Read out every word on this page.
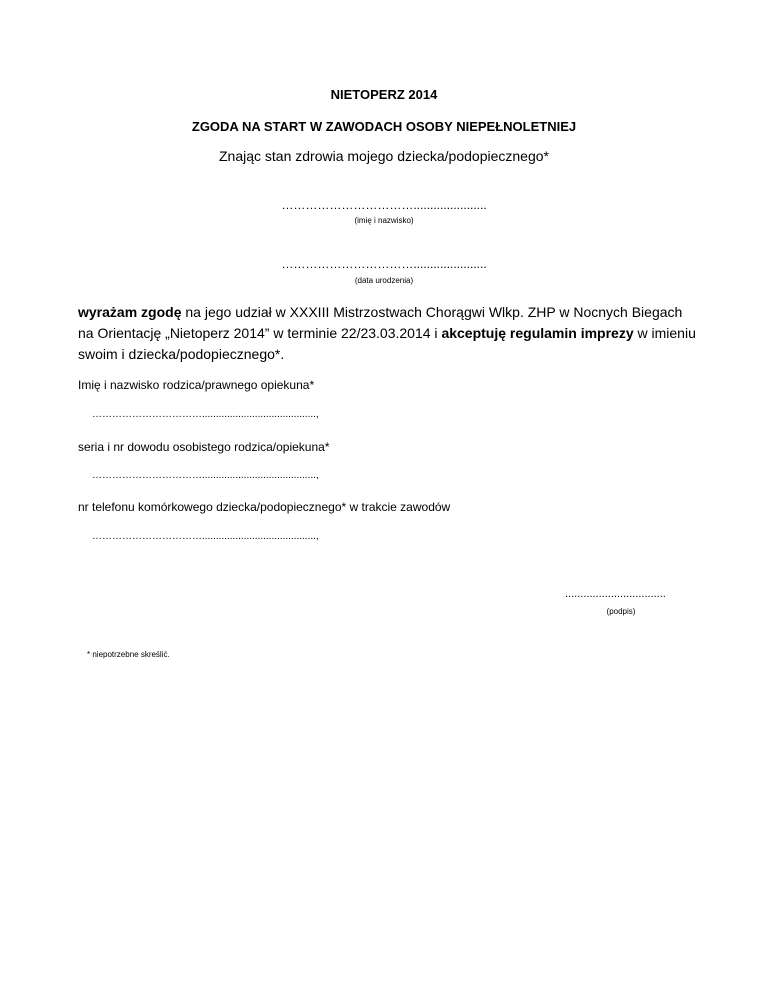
NIETOPERZ 2014
ZGODA NA START W ZAWODACH OSOBY NIEPEŁNOLETNIEJ
Znając stan zdrowia mojego dziecka/podopiecznego*
……………………………......................
(imię i nazwisko)
……………………………......................
(data urodzenia)
wyrażam zgodę na jego udział w XXXIII Mistrzostwach Chorągwi Wlkp. ZHP w Nocnych Biegach na Orientację „Nietoperz 2014” w terminie 22/23.03.2014 i akceptuję regulamin imprezy w imieniu swoim i dziecka/podopiecznego*.
Imię i nazwisko rodzica/prawnego opiekuna*
…………………………….........................................,
seria i nr dowodu osobistego rodzica/opiekuna*
…………………………….........................................,
nr telefonu komórkowego dziecka/podopiecznego* w trakcie zawodów
…………………………….........................................,
.................................
(podpis)
* niepotrzebne skreślić.
